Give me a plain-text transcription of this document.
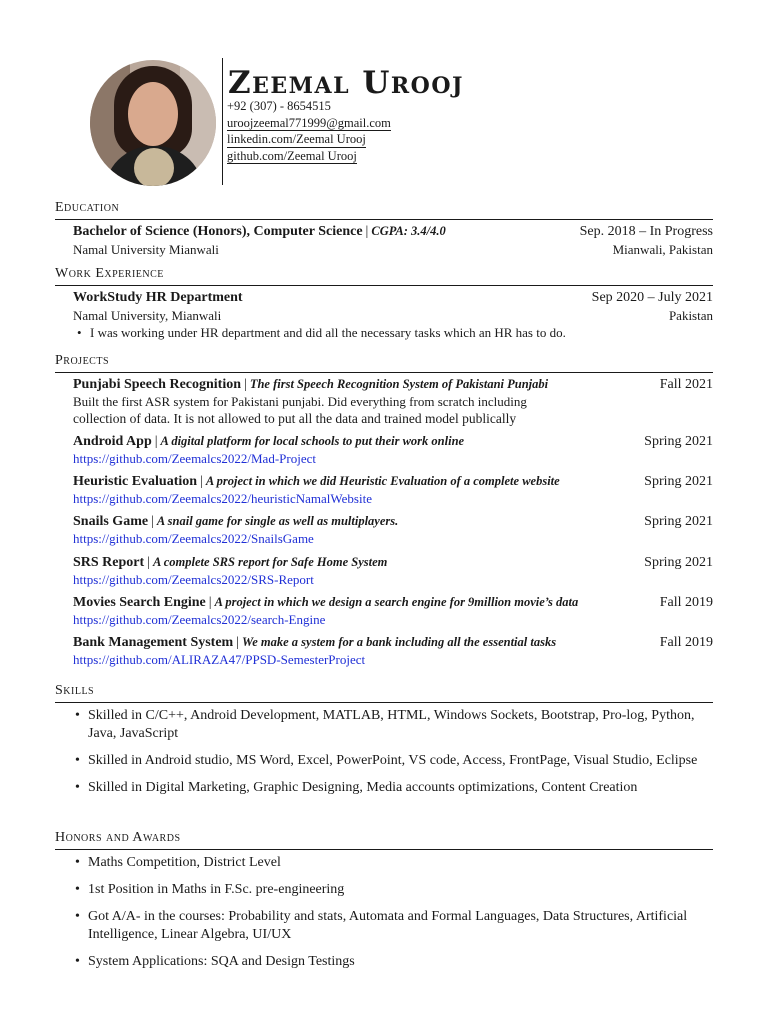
Zeemal Urooj
+92 (307) - 8654515
uroojzeemal771999@gmail.com
linkedin.com/Zeemal Urooj
github.com/Zeemal Urooj
Education
Bachelor of Science (Honors), Computer Science | CGPA: 3.4/4.0	Sep. 2018 – In Progress
Namal University Mianwali	Mianwali, Pakistan
Work Experience
WorkStudy HR Department	Sep 2020 – July 2021
Namal University, Mianwali	Pakistan
• I was working under HR department and did all the necessary tasks which an HR has to do.
Projects
Punjabi Speech Recognition | The first Speech Recognition System of Pakistani Punjabi	Fall 2021
Built the first ASR system for Pakistani punjabi. Did everything from scratch including
collection of data. It is not allowed to put all the data and trained model publically
Android App | A digital platform for local schools to put their work online	Spring 2021
https://github.com/Zeemalcs2022/Mad-Project
Heuristic Evaluation | A project in which we did Heuristic Evaluation of a complete website	Spring 2021
https://github.com/Zeemalcs2022/heuristicNamalWebsite
Snails Game | A snail game for single as well as multiplayers.	Spring 2021
https://github.com/Zeemalcs2022/SnailsGame
SRS Report | A complete SRS report for Safe Home System	Spring 2021
https://github.com/Zeemalcs2022/SRS-Report
Movies Search Engine | A project in which we design a search engine for 9million movie’s data	Fall 2019
https://github.com/Zeemalcs2022/search-Engine
Bank Management System | We make a system for a bank including all the essential tasks	Fall 2019
https://github.com/ALIRAZA47/PPSD-SemesterProject
Skills
• Skilled in C/C++, Android Development, MATLAB, HTML, Windows Sockets, Bootstrap, Pro-log, Python, Java, JavaScript
• Skilled in Android studio, MS Word, Excel, PowerPoint, VS code, Access, FrontPage, Visual Studio, Eclipse
• Skilled in Digital Marketing, Graphic Designing, Media accounts optimizations, Content Creation
Honors and Awards
• Maths Competition, District Level
• 1st Position in Maths in F.Sc. pre-engineering
• Got A/A- in the courses: Probability and stats, Automata and Formal Languages, Data Structures, Artificial Intelligence, Linear Algebra, UI/UX
• System Applications: SQA and Design Testings
